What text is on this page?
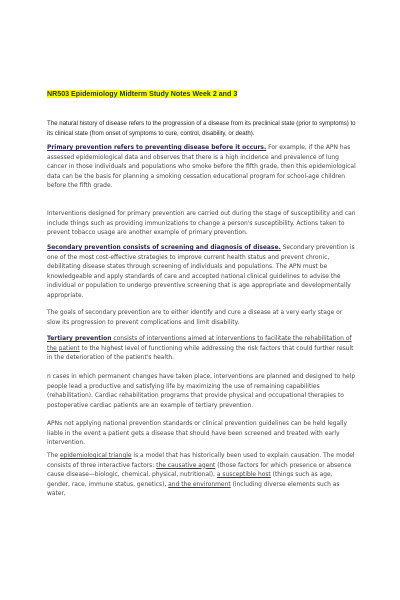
NR503 Epidemiology Midterm Study Notes Week 2 and 3
The natural history of disease refers to the progression of a disease from its preclinical state (prior to symptoms) to its clinical state (from onset of symptoms to cure, control, disability, or death).
Primary prevention refers to preventing disease before it occurs. For example, if the APN has assessed epidemiological data and observes that there is a high incidence and prevalence of lung cancer in those individuals and populations who smoke before the fifth grade, then this epidemiological data can be the basis for planning a smoking cessation educational program for school-age children before the fifth grade.
Interventions designed for primary prevention are carried out during the stage of susceptibility and can include things such as providing immunizations to change a person's susceptibility. Actions taken to prevent tobacco usage are another example of primary prevention.
Secondary prevention consists of screening and diagnosis of disease. Secondary prevention is one of the most cost-effective strategies to improve current health status and prevent chronic, debilitating disease states through screening of individuals and populations. The APN must be knowledgeable and apply standards of care and accepted national clinical guidelines to advise the individual or population to undergo preventive screening that is age appropriate and developmentally appropriate.
The goals of secondary prevention are to either identify and cure a disease at a very early stage or slow its progression to prevent complications and limit disability.
Tertiary prevention consists of interventions aimed at interventions to facilitate the rehabilitation of the patient to the highest level of functioning while addressing the risk factors that could further result in the deterioration of the patient's health.
n cases in which permanent changes have taken place, interventions are planned and designed to help people lead a productive and satisfying life by maximizing the use of remaining capabilities (rehabilitation). Cardiac rehabilitation programs that provide physical and occupational therapies to postoperative cardiac patients are an example of tertiary prevention.
APNs not applying national prevention standards or clinical prevention guidelines can be held legally liable in the event a patient gets a disease that should have been screened and treated with early intervention.
The epidemiological triangle is a model that has historically been used to explain causation. The model consists of three interactive factors: the causative agent (those factors for which presence or absence cause disease—biologic, chemical, physical, nutritional), a susceptible host (things such as age, gender, race, immune status, genetics), and the environment (including diverse elements such as water,
